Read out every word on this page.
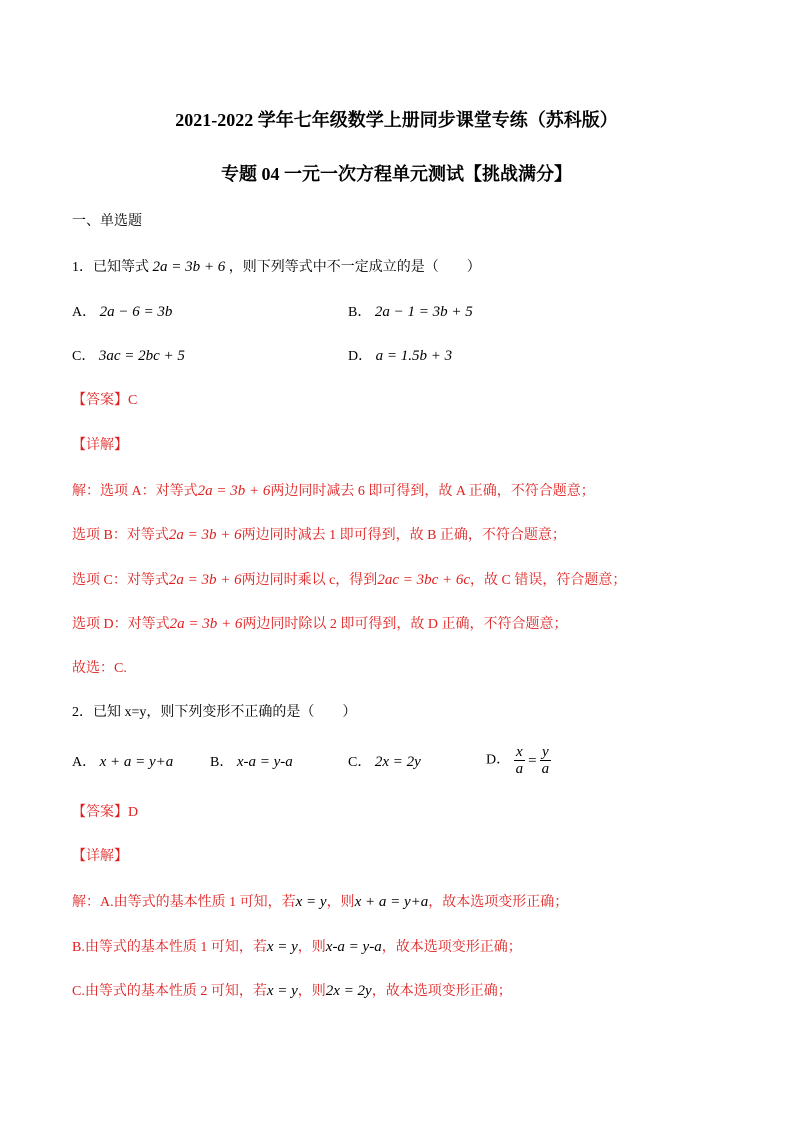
2021-2022 学年七年级数学上册同步课堂专练（苏科版）
专题 04 一元一次方程单元测试【挑战满分】
一、单选题
1．已知等式 2a = 3b + 6 ，则下列等式中不一定成立的是（　　）
A． 2a − 6 = 3b	B． 2a − 1 = 3b + 5
C． 3ac = 2bc + 5	D． a = 1.5b + 3
【答案】C
【详解】
解：选项 A：对等式2a = 3b + 6两边同时减去 6 即可得到，故 A 正确，不符合题意；
选项 B：对等式2a = 3b + 6两边同时减去 1 即可得到，故 B 正确，不符合题意；
选项 C：对等式2a = 3b + 6两边同时乘以 c，得到2ac = 3bc + 6c，故 C 错误，符合题意；
选项 D：对等式2a = 3b + 6两边同时除以 2 即可得到，故 D 正确，不符合题意；
故选：C.
2．已知 x=y，则下列变形不正确的是（　　）
A． x + a = y+a	B． x-a = y-a	C． 2x = 2y	D． $\frac{x}{a} = \frac{y}{a}$
【答案】D
【详解】
解：A.由等式的基本性质 1 可知，若x = y，则x + a = y+a，故本选项变形正确；
B.由等式的基本性质 1 可知，若x = y，则x-a = y-a，故本选项变形正确；
C.由等式的基本性质 2 可知，若x = y，则2x = 2y，故本选项变形正确；
